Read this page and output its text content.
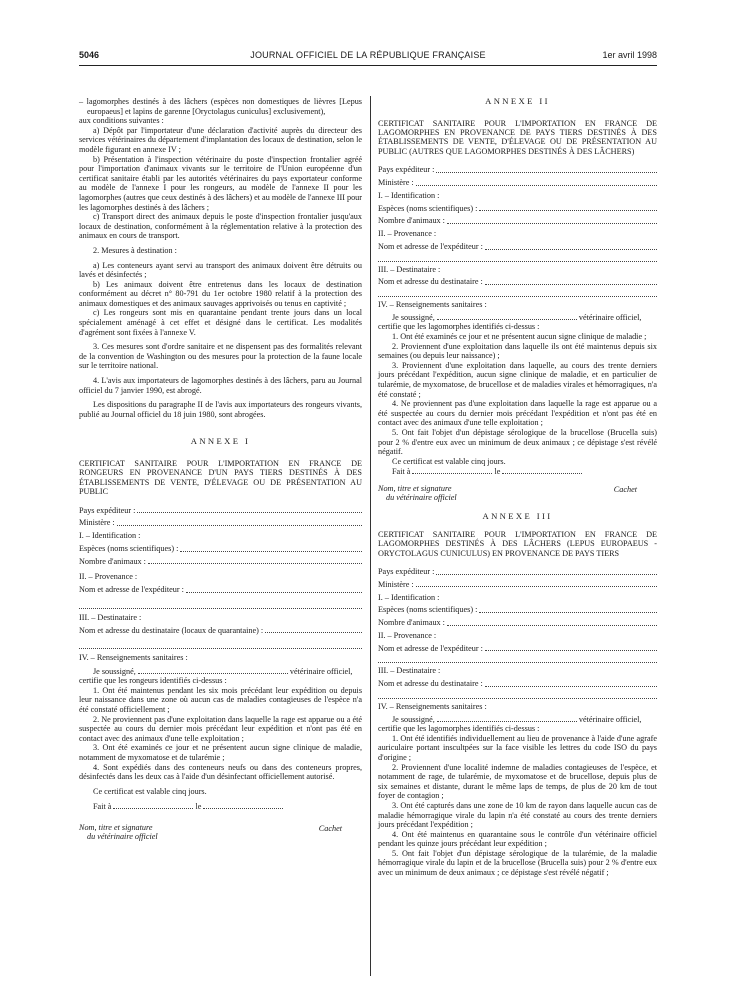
5046	JOURNAL OFFICIEL DE LA RÉPUBLIQUE FRANÇAISE	1er avril 1998

– lagomorphes destinés à des lâchers (espèces non domestiques de lièvres [Lepus europaeus] et lapins de garenne [Oryctolagus cuniculus] exclusivement),

aux conditions suivantes :

a) Dépôt par l'importateur d'une déclaration d'activité auprès du directeur des services vétérinaires du département d'implantation des locaux de destination, selon le modèle figurant en annexe IV ;

b) Présentation à l'inspection vétérinaire du poste d'inspection frontalier agréé pour l'importation d'animaux vivants sur le territoire de l'Union européenne d'un certificat sanitaire établi par les autorités vétérinaires du pays exportateur conforme au modèle de l'annexe I pour les rongeurs, au modèle de l'annexe II pour les lagomorphes (autres que ceux destinés à des lâchers) et au modèle de l'annexe III pour les lagomorphes destinés à des lâchers ;

c) Transport direct des animaux depuis le poste d'inspection frontalier jusqu'aux locaux de destination, conformément à la réglementation relative à la protection des animaux en cours de transport.

2. Mesures à destination :

a) Les conteneurs ayant servi au transport des animaux doivent être détruits ou lavés et désinfectés ;

b) Les animaux doivent être entretenus dans les locaux de destination conformément au décret n° 80-791 du 1er octobre 1980 relatif à la protection des animaux domestiques et des animaux sauvages apprivoisés ou tenus en captivité ;

c) Les rongeurs sont mis en quarantaine pendant trente jours dans un local spécialement aménagé à cet effet et désigné dans le certificat. Les modalités d'agrément sont fixées à l'annexe V.

3. Ces mesures sont d'ordre sanitaire et ne dispensent pas des formalités relevant de la convention de Washington ou des mesures pour la protection de la faune locale sur le territoire national.

4. L'avis aux importateurs de lagomorphes destinés à des lâchers, paru au Journal officiel du 7 janvier 1990, est abrogé.

Les dispositions du paragraphe II de l'avis aux importateurs des rongeurs vivants, publié au Journal officiel du 18 juin 1980, sont abrogées.

ANNEXE I

CERTIFICAT SANITAIRE POUR L'IMPORTATION EN FRANCE DE RONGEURS EN PROVENANCE D'UN PAYS TIERS DESTINÉS À DES ÉTABLISSEMENTS DE VENTE, D'ÉLEVAGE OU DE PRÉSENTATION AU PUBLIC

Pays expéditeur :
Ministère :
I. – Identification :
Espèces (noms scientifiques) :
Nombre d'animaux :
II. – Provenance :
Nom et adresse de l'expéditeur :
III. – Destinataire :
Nom et adresse du destinataire (locaux de quarantaine) :
IV. – Renseignements sanitaires :

Je soussigné,	vétérinaire officiel,

certifie que les rongeurs identifiés ci-dessus :

1. Ont été maintenus pendant les six mois précédant leur expédition ou depuis leur naissance dans une zone où aucun cas de maladies contagieuses de l'espèce n'a été constaté officiellement ;

2. Ne proviennent pas d'une exploitation dans laquelle la rage est apparue ou a été suspectée au cours du dernier mois précédant leur expédition et n'ont pas été en contact avec des animaux d'une telle exploitation ;

3. Ont été examinés ce jour et ne présentent aucun signe clinique de maladie, notamment de myxomatose et de tularémie ;

4. Sont expédiés dans des conteneurs neufs ou dans des conteneurs propres, désinfectés dans les deux cas à l'aide d'un désinfectant officiellement autorisé.

Ce certificat est valable cinq jours.

Fait à	le

Nom, titre et signature
du vétérinaire officiel
Cachet
ANNEXE II

CERTIFICAT SANITAIRE POUR L'IMPORTATION EN FRANCE DE LAGOMORPHES EN PROVENANCE DE PAYS TIERS DESTINÉS À DES ÉTABLISSEMENTS DE VENTE, D'ÉLEVAGE OU DE PRÉSENTATION AU PUBLIC (AUTRES QUE LAGOMORPHES DESTINÉS À DES LÂCHERS)

Pays expéditeur :
Ministère :
I. – Identification :
Espèces (noms scientifiques) :
Nombre d'animaux :
II. – Provenance :
Nom et adresse de l'expéditeur :
III. – Destinataire :
Nom et adresse du destinataire :
IV. – Renseignements sanitaires :

Je soussigné,	vétérinaire officiel,

certifie que les lagomorphes identifiés ci-dessus :

1. Ont été examinés ce jour et ne présentent aucun signe clinique de maladie ;

2. Proviennent d'une exploitation dans laquelle ils ont été maintenus depuis six semaines (ou depuis leur naissance) ;

3. Proviennent d'une exploitation dans laquelle, au cours des trente derniers jours précédant l'expédition, aucun signe clinique de maladie, et en particulier de tularémie, de myxomatose, de brucellose et de maladies virales et hémorragiques, n'a été constaté ;

4. Ne proviennent pas d'une exploitation dans laquelle la rage est apparue ou a été suspectée au cours du dernier mois précédant l'expédition et n'ont pas été en contact avec des animaux d'une telle exploitation ;

5. Ont fait l'objet d'un dépistage sérologique de la brucellose (Brucella suis) pour 2 % d'entre eux avec un minimum de deux animaux ; ce dépistage s'est révélé négatif.

Ce certificat est valable cinq jours.

Fait à	le

Nom, titre et signature
du vétérinaire officiel
Cachet
ANNEXE III

CERTIFICAT SANITAIRE POUR L'IMPORTATION EN FRANCE DE LAGOMORPHES DESTINÉS À DES LÂCHERS (LEPUS EUROPAEUS - ORYCTOLAGUS CUNICULUS) EN PROVENANCE DE PAYS TIERS

Pays expéditeur :
Ministère :
I. – Identification :
Espèces (noms scientifiques) :
Nombre d'animaux :
II. – Provenance :
Nom et adresse de l'expéditeur :
III. – Destinataire :
Nom et adresse du destinataire :
IV. – Renseignements sanitaires :

Je soussigné,	vétérinaire officiel,

certifie que les lagomorphes identifiés ci-dessus :

1. Ont été identifiés individuellement au lieu de provenance à l'aide d'une agrafe auriculaire portant inscultpées sur la face visible les lettres du code ISO du pays d'origine ;

2. Proviennent d'une localité indemne de maladies contagieuses de l'espèce, et notamment de rage, de tularémie, de myxomatose et de brucellose, depuis plus de six semaines et distante, durant le même laps de temps, de plus de 20 km de tout foyer de contagion ;

3. Ont été capturés dans une zone de 10 km de rayon dans laquelle aucun cas de maladie hémorragique virale du lapin n'a été constaté au cours des trente derniers jours précédant l'expédition ;

4. Ont été maintenus en quarantaine sous le contrôle d'un vétérinaire officiel pendant les quinze jours précédant leur expédition ;

5. Ont fait l'objet d'un dépistage sérologique de la tularémie, de la maladie hémorragique virale du lapin et de la brucellose (Brucella suis) pour 2 % d'entre eux avec un minimum de deux animaux ; ce dépistage s'est révélé négatif ;
